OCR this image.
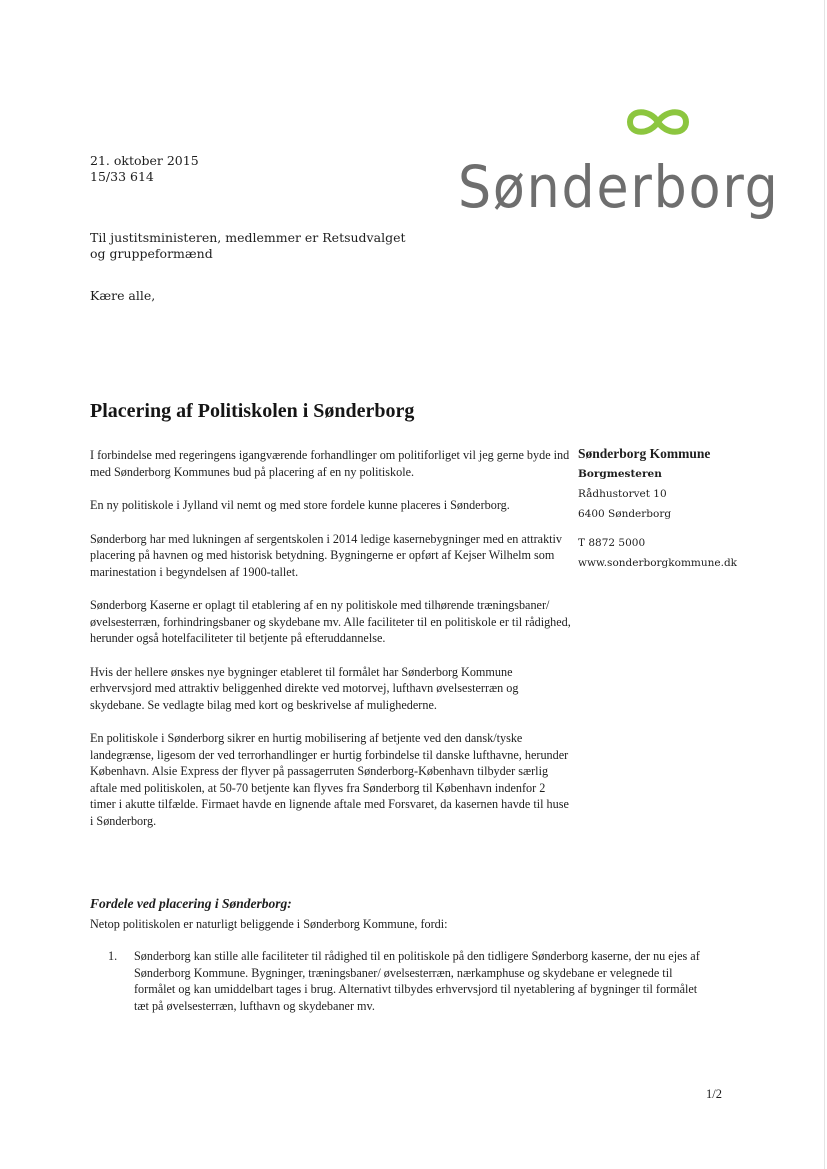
21. oktober 2015
15/33 614	Sønderborg
Til justitsministeren, medlemmer er Retsudvalget
og gruppeformænd
Kære alle,
Placering af Politiskolen i Sønderborg
Sønderborg Kommune
Borgmesteren
Rådhustorvet 10
6400 Sønderborg
T 8872 5000
www.sonderborgkommune.dk

I forbindelse med regeringens igangværende forhandlinger om politiforliget vil jeg gerne byde ind med Sønderborg Kommunes bud på placering af en ny politiskole.

En ny politiskole i Jylland vil nemt og med store fordele kunne placeres i Sønderborg.

Sønderborg har med lukningen af sergentskolen i 2014 ledige kasernebygninger med en attraktiv placering på havnen og med historisk betydning. Bygningerne er opført af Kejser Wilhelm som marinestation i begyndelsen af 1900-tallet.

Sønderborg Kaserne er oplagt til etablering af en ny politiskole med tilhørende træningsbaner/øvelsesterræn, forhindringsbaner og skydebane mv. Alle faciliteter til en politiskole er til rådighed, herunder også hotelfaciliteter til betjente på efteruddannelse.

Hvis der hellere ønskes nye bygninger etableret til formålet har Sønderborg Kommune erhvervsjord med attraktiv beliggenhed direkte ved motorvej, lufthavn øvelsesterræn og skydebane. Se vedlagte bilag med kort og beskrivelse af mulighederne.

En politiskole i Sønderborg sikrer en hurtig mobilisering af betjente ved den dansk/tyske landegrænse, ligesom der ved terrorhandlinger er hurtig forbindelse til danske lufthavne, herunder København. Alsie Express der flyver på passagerruten Sønderborg-København tilbyder særlig aftale med politiskolen, at 50-70 betjente kan flyves fra Sønderborg til København indenfor 2 timer i akutte tilfælde. Firmaet havde en lignende aftale med Forsvaret, da kasernen havde til huse i Sønderborg.

Fordele ved placering i Sønderborg:
Netop politiskolen er naturligt beliggende i Sønderborg Kommune, fordi:
1.	Sønderborg kan stille alle faciliteter til rådighed til en politiskole på den tidligere Sønderborg kaserne, der nu ejes af Sønderborg Kommune. Bygninger, træningsbaner/ øvelsesterræn, nærkamphuse og skydebane er velegnede til formålet og kan umiddelbart tages i brug. Alternativt tilbydes erhvervsjord til nyetablering af bygninger til formålet tæt på øvelsesterræn, lufthavn og skydebaner mv.
1/2
